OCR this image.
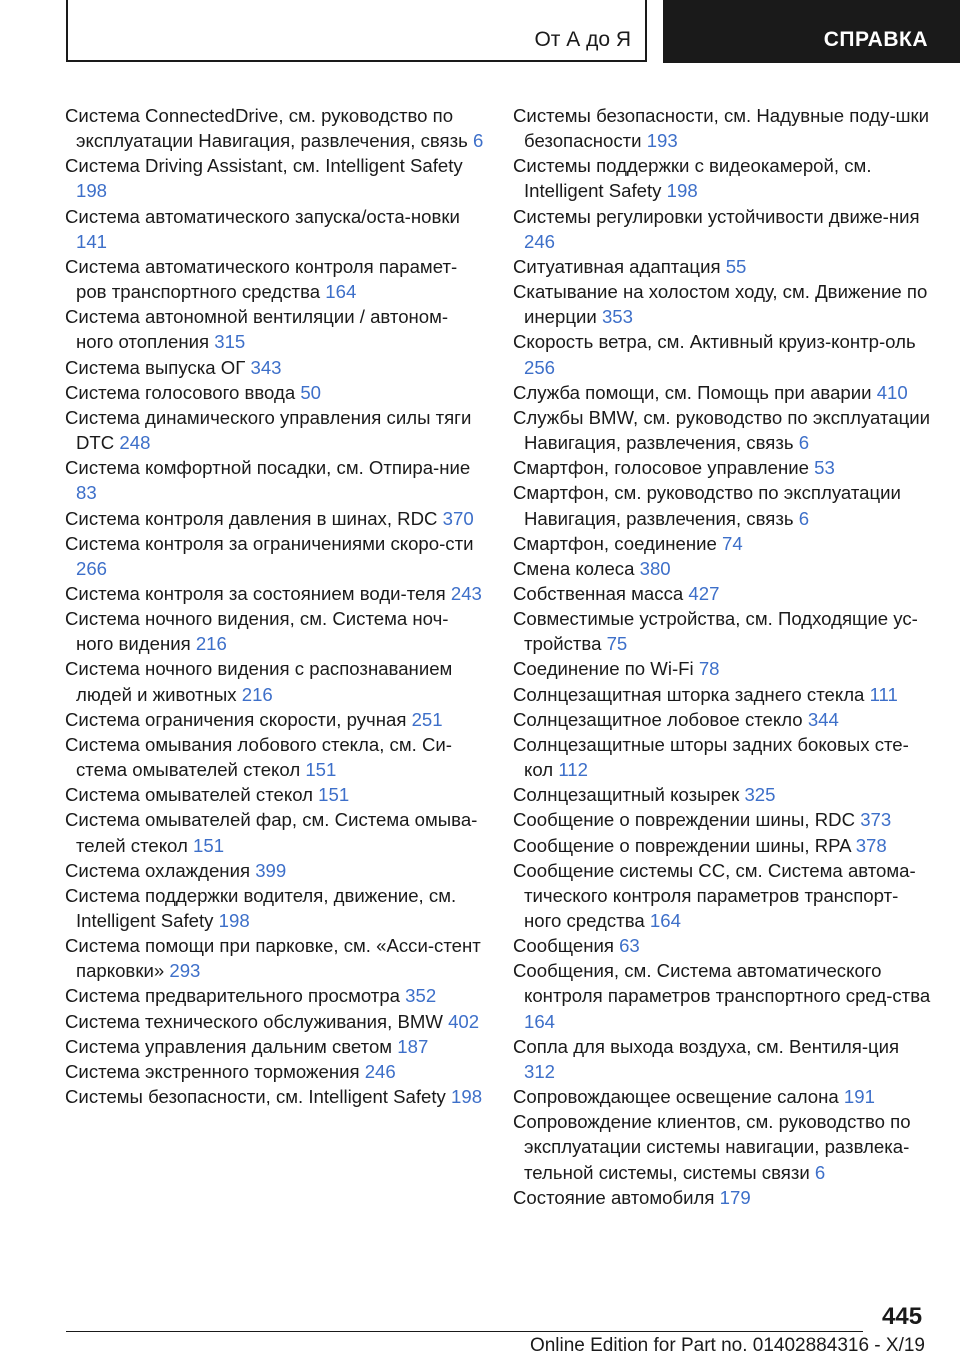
От А до Я	СПРАВКА
Система ConnectedDrive, см. руководство по эксплуатации Навигация, развлечения, связь 6
Система Driving Assistant, см. Intelligent Safety 198
Система автоматического запуска/оста-новки 141
Система автоматического контроля парамет-ров транспортного средства 164
Система автономной вентиляции / автоном-ного отопления 315
Система выпуска ОГ 343
Система голосового ввода 50
Система динамического управления силы тяги DTC 248
Система комфортной посадки, см. Отпира-ние 83
Система контроля давления в шинах, RDC 370
Система контроля за ограничениями скоро-сти 266
Система контроля за состоянием води-теля 243
Система ночного видения, см. Система ноч-ного видения 216
Система ночного видения с распознаванием людей и животных 216
Система ограничения скорости, ручная 251
Система омывания лобового стекла, см. Си-стема омывателей стекол 151
Система омывателей стекол 151
Система омывателей фар, см. Система омыва-телей стекол 151
Система охлаждения 399
Система поддержки водителя, движение, см. Intelligent Safety 198
Система помощи при парковке, см. «Асси-стент парковки» 293
Система предварительного просмотра 352
Система технического обслуживания, BMW 402
Система управления дальним светом 187
Система экстренного торможения 246
Системы безопасности, см. Intelligent Safety 198
Системы безопасности, см. Надувные поду-шки безопасности 193
Системы поддержки с видеокамерой, см. Intelligent Safety 198
Системы регулировки устойчивости движе-ния 246
Ситуативная адаптация 55
Скатывание на холостом ходу, см. Движение по инерции 353
Скорость ветра, см. Активный круиз-контр-оль 256
Служба помощи, см. Помощь при аварии 410
Службы BMW, см. руководство по эксплуатации Навигация, развлечения, связь 6
Смартфон, голосовое управление 53
Смартфон, см. руководство по эксплуатации Навигация, развлечения, связь 6
Смартфон, соединение 74
Смена колеса 380
Собственная масса 427
Совместимые устройства, см. Подходящие ус-тройства 75
Соединение по Wi-Fi 78
Солнцезащитная шторка заднего стекла 111
Солнцезащитное лобовое стекло 344
Солнцезащитные шторы задних боковых сте-кол 112
Солнцезащитный козырек 325
Сообщение о повреждении шины, RDC 373
Сообщение о повреждении шины, RPA 378
Сообщение системы CC, см. Система автома-тического контроля параметров транспорт-ного средства 164
Сообщения 63
Сообщения, см. Система автоматического контроля параметров транспортного сред-ства 164
Сопла для выхода воздуха, см. Вентиля-ция 312
Сопровождающее освещение салона 191
Сопровождение клиентов, см. руководство по эксплуатации системы навигации, развлека-тельной системы, системы связи 6
Состояние автомобиля 179
445
Online Edition for Part no. 01402884316 - X/19
